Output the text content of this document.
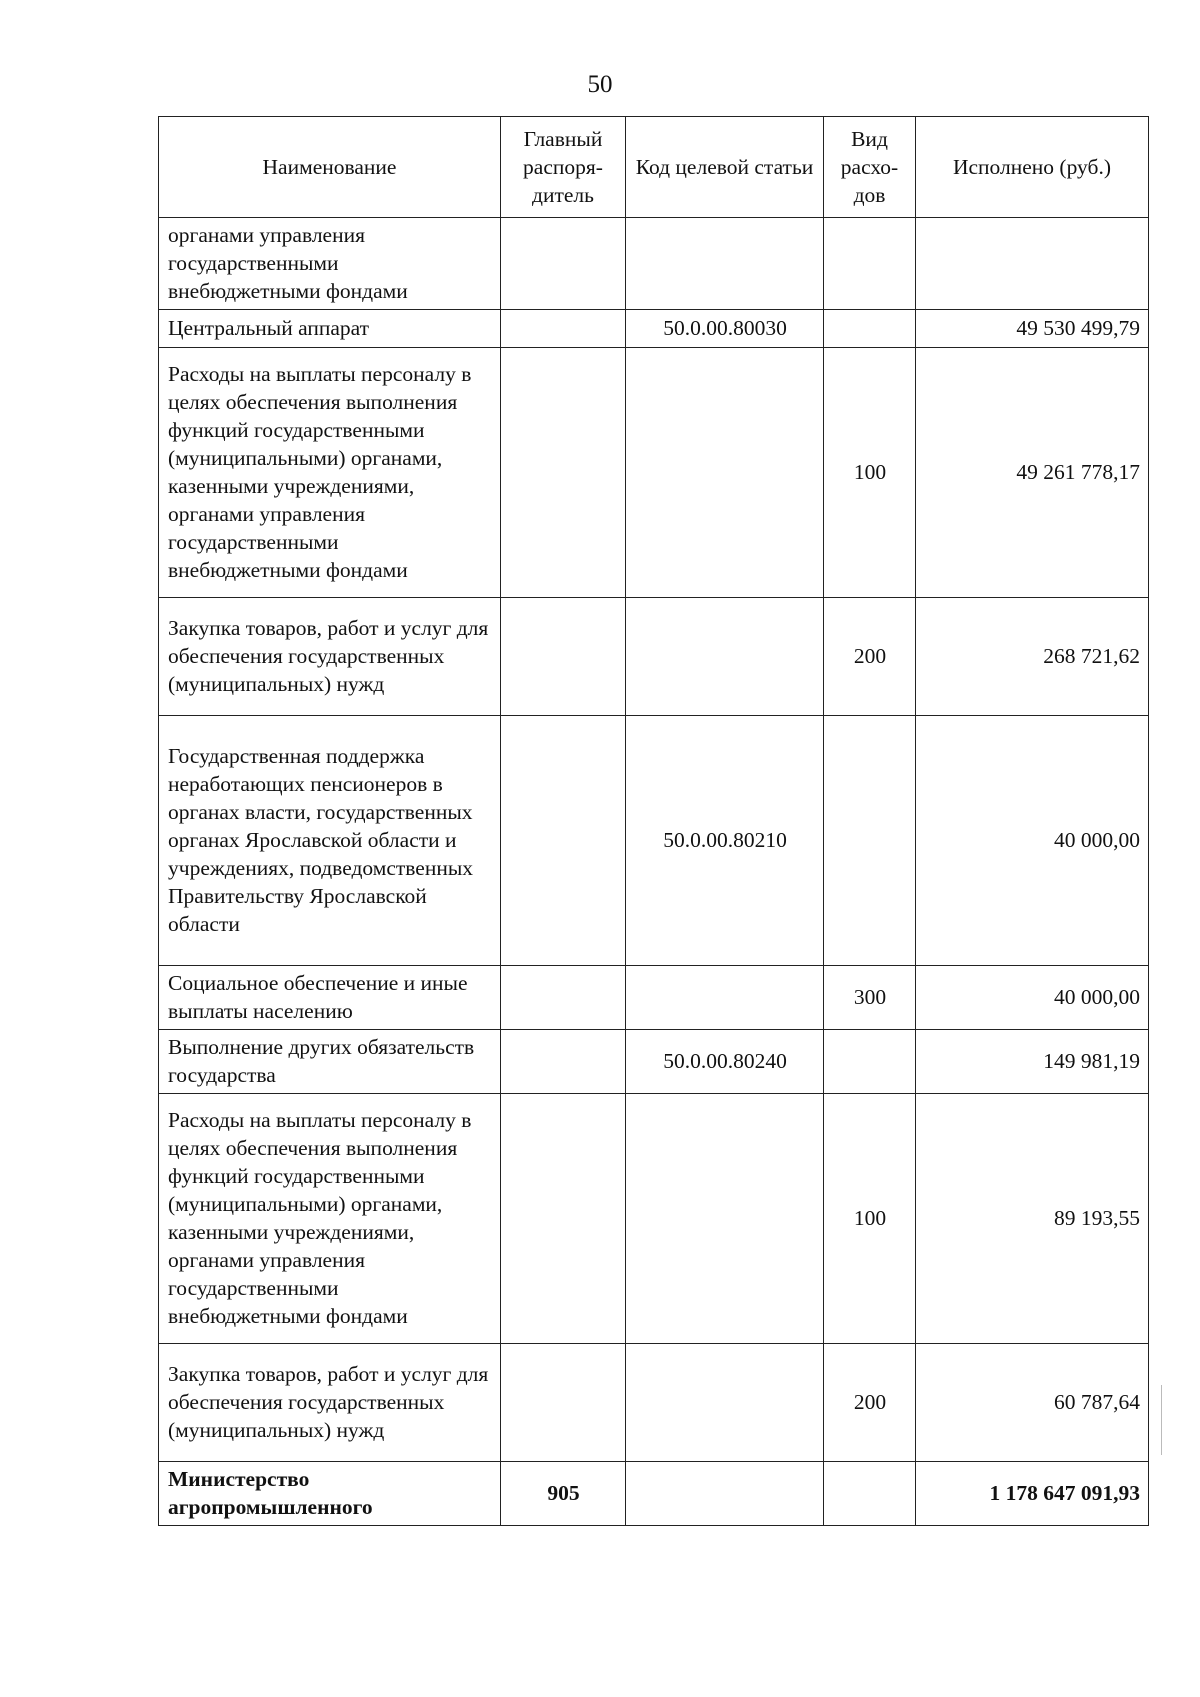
50
Наименование	Главный распоря-дитель	Код целевой статьи	Вид расхо-дов	Исполнено (руб.)
органами управления государственными внебюджетными фондами				
Центральный аппарат		50.0.00.80030		49 530 499,79
Расходы на выплаты персоналу в целях обеспечения выполнения функций государственными (муниципальными) органами, казенными учреждениями, органами управления государственными внебюджетными фондами			100	49 261 778,17
Закупка товаров, работ и услуг для обеспечения государственных (муниципальных) нужд			200	268 721,62
Государственная поддержка неработающих пенсионеров в органах власти, государственных органах Ярославской области и учреждениях, подведомственных Правительству Ярославской области		50.0.00.80210		40 000,00
Социальное обеспечение и иные выплаты населению			300	40 000,00
Выполнение других обязательств государства		50.0.00.80240		149 981,19
Расходы на выплаты персоналу в целях обеспечения выполнения функций государственными (муниципальными) органами, казенными учреждениями, органами управления государственными внебюджетными фондами			100	89 193,55
Закупка товаров, работ и услуг для обеспечения государственных (муниципальных) нужд			200	60 787,64
Министерство агропромышленного	905			1 178 647 091,93
